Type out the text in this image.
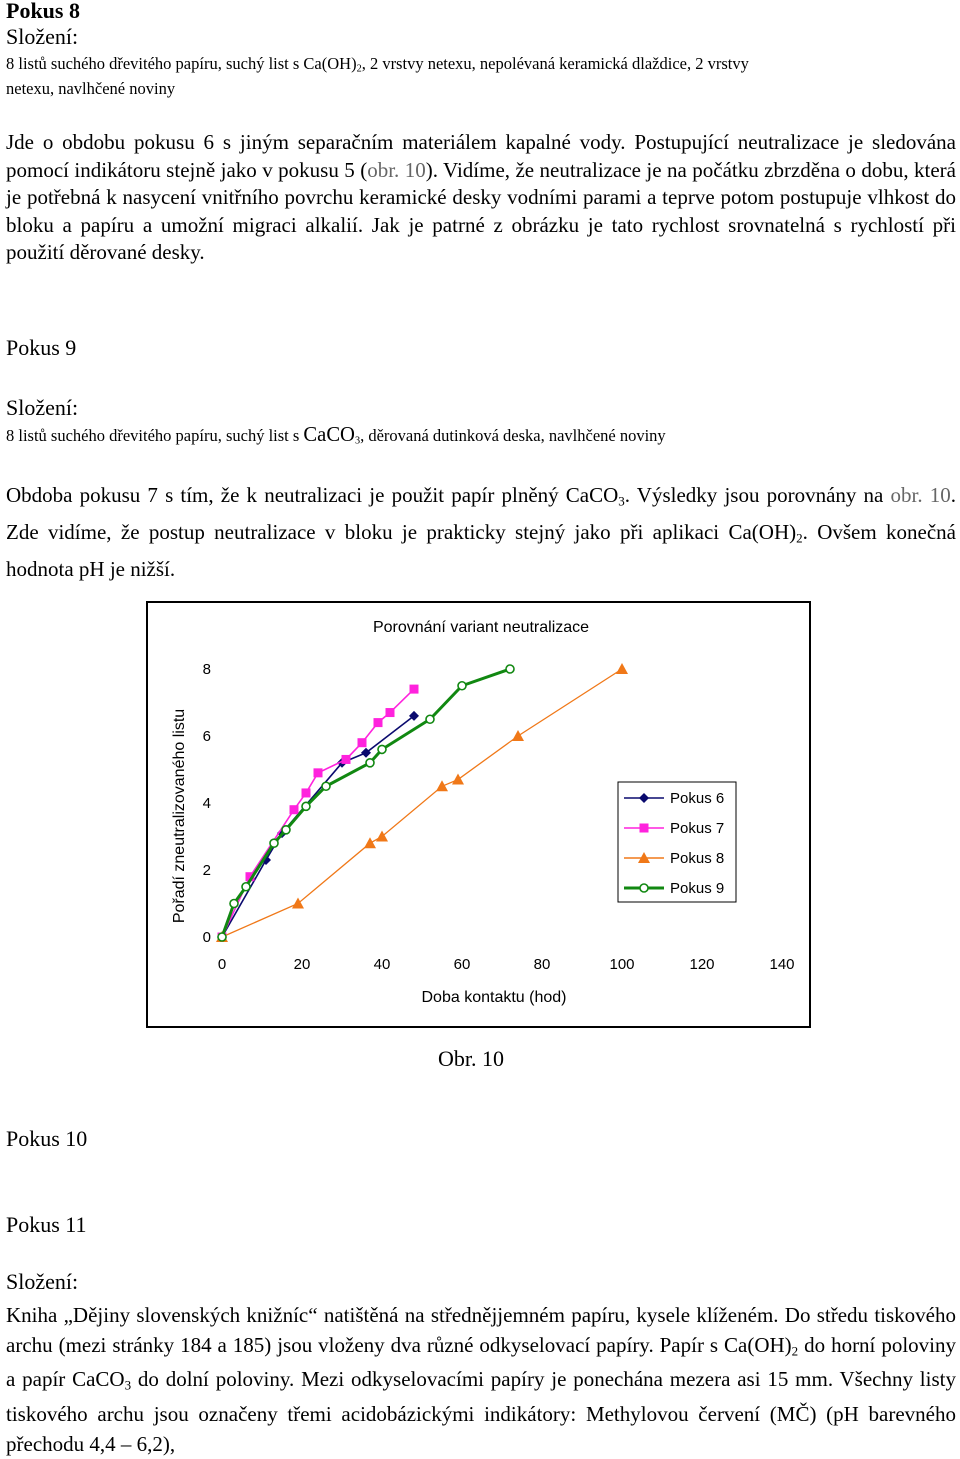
Pokus 8
Složení:
8 listů suchého dřevitého papíru, suchý list s $Ca(OH)_2$, 2 vrstvy netexu, nepolévaná keramická dlaždice, 2 vrstvy
netexu, navlhčené noviny
Jde o obdobu pokusu 6 s jiným separačním materiálem kapalné vody. Postupující neutralizace je sledována pomocí indikátoru stejně jako v pokusu 5 (obr. 10). Vidíme, že neutralizace je na počátku zbrzděna o dobu, která je potřebná k nasycení vnitřního povrchu keramické desky vodními parami a teprve potom postupuje vlhkost do bloku a papíru a umožní migraci alkalií. Jak je patrné z obrázku je tato rychlost srovnatelná s rychlostí při použití děrované desky.
Pokus 9
Složení:
8 listů suchého dřevitého papíru, suchý list s CaCO$_3$, děrovaná dutinková deska, navlhčené noviny
Obdoba pokusu 7 s tím, že k neutralizaci je použit papír plněný CaCO$_3$. Výsledky jsou porovnány na obr. 10. Zde vidíme, že postup neutralizace v bloku je prakticky stejný jako při aplikaci $Ca(OH)_2$. Ovšem konečná hodnota pH je nižší.
Porovnání variant neutralizace
Pořadí zneutralizovaného listu
Doba kontaktu (hod)
0	20	40	60	80	100	120	140
0
2
4
6
8
Pokus 6
Pokus 7
Pokus 8
Pokus 9
Obr. 10
Pokus 10
Pokus 11
Složení:
Kniha „Dějiny slovenských knižníc“ natištěná na střednějjemném papíru, kysele klíženém. Do středu tiskového archu (mezi stránky 184 a 185) jsou vloženy dva různé odkyselovací papíry. Papír s $Ca(OH)_2$ do horní poloviny a papír CaCO$_3$ do dolní poloviny. Mezi odkyselovacími papíry je ponechána mezera asi 15 mm. Všechny listy tiskového archu jsou označeny třemi acidobázickými indikátory: Methylovou červení (MČ) (pH barevného přechodu 4,4 – 6,2),
